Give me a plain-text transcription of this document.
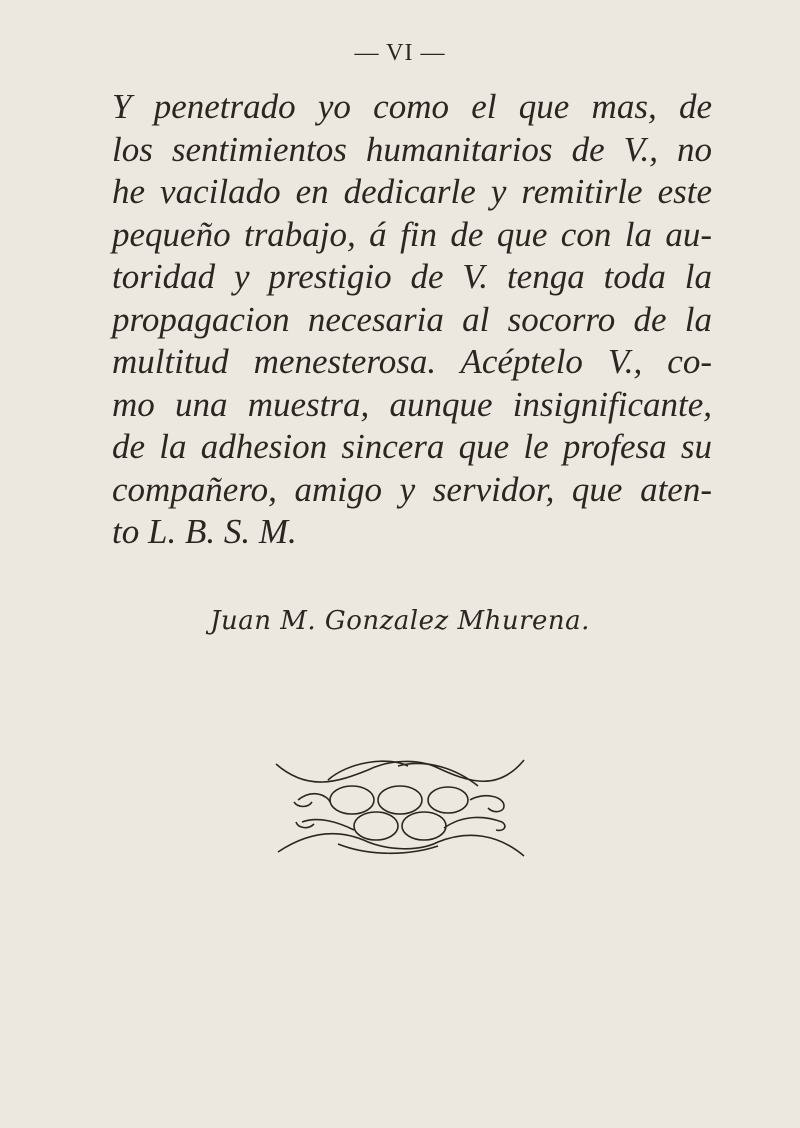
— VI —
Y penetrado yo como el que mas, de
los sentimientos humanitarios de V., no
he vacilado en dedicarle y remitirle este
pequeño trabajo, á fin de que con la au-
toridad y prestigio de V. tenga toda la
propagacion necesaria al socorro de la
multitud menesterosa. Acéptelo V., co-
mo una muestra, aunque insignificante,
de la adhesion sincera que le profesa su
compañero, amigo y servidor, que aten-
to L. B. S. M.
Juan M. Gonzalez Mhurena.
